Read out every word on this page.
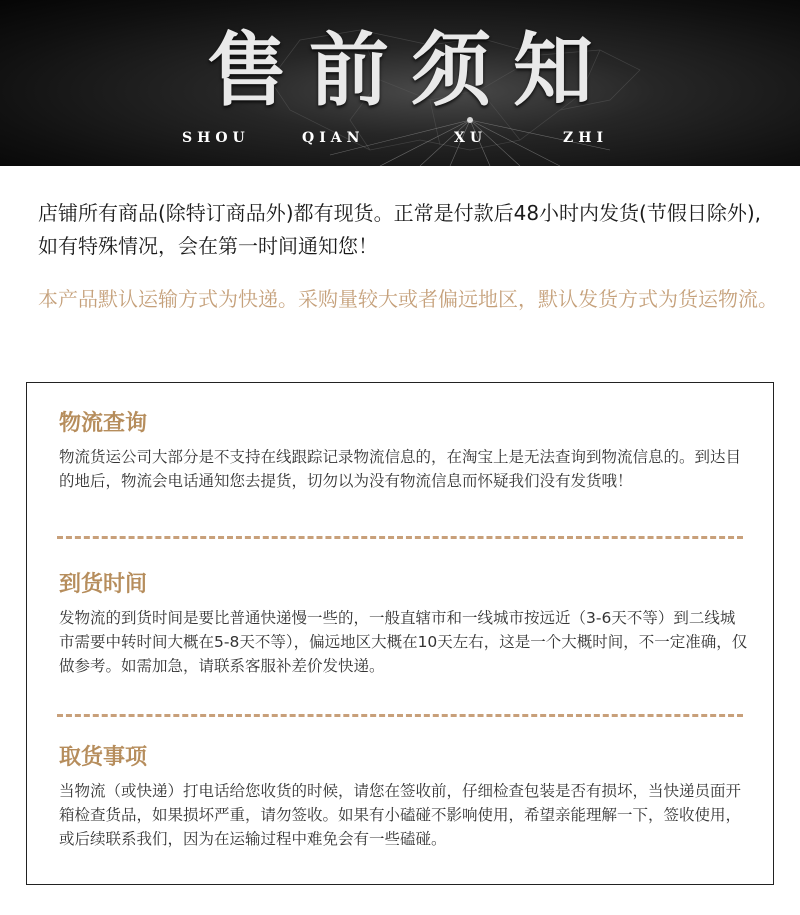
售前须知
SHOU	QIAN	XU	ZHI
店铺所有商品(除特订商品外)都有现货。正常是付款后48小时内发货(节假日除外),如有特殊情况，会在第一时间通知您！
本产品默认运输方式为快递。采购量较大或者偏远地区，默认发货方式为货运物流。
物流查询

物流货运公司大部分是不支持在线跟踪记录物流信息的，在淘宝上是无法查询到物流信息的。到达目的地后，物流会电话通知您去提货，切勿以为没有物流信息而怀疑我们没有发货哦！

到货时间

发物流的到货时间是要比普通快递慢一些的，一般直辖市和一线城市按远近（3-6天不等）到二线城市需要中转时间大概在5-8天不等），偏远地区大概在10天左右，这是一个大概时间，不一定准确，仅做参考。如需加急，请联系客服补差价发快递。

取货事项

当物流（或快递）打电话给您收货的时候，请您在签收前，仔细检查包装是否有损坏，当快递员面开箱检查货品，如果损坏严重，请勿签收。如果有小磕碰不影响使用，希望亲能理解一下，签收使用，或后续联系我们，因为在运输过程中难免会有一些磕碰。
